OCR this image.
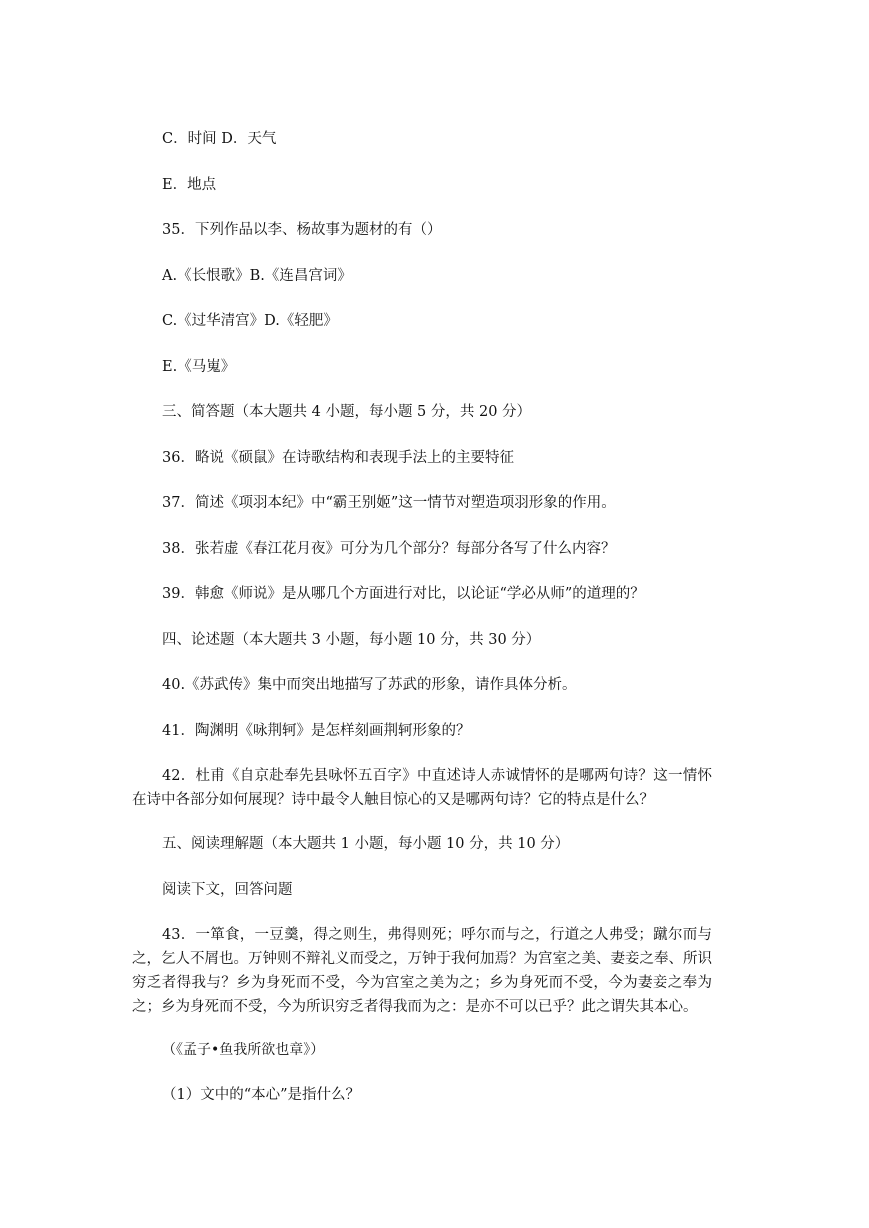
C．时间 D．天气
E．地点
35．下列作品以李、杨故事为题材的有（）
A.《长恨歌》B.《连昌宫词》
C.《过华清宫》D.《轻肥》
E.《马嵬》
三、简答题（本大题共 4 小题，每小题 5 分，共 20 分）
36．略说《硕鼠》在诗歌结构和表现手法上的主要特征
37．简述《项羽本纪》中“霸王别姬”这一情节对塑造项羽形象的作用。
38．张若虚《春江花月夜》可分为几个部分？每部分各写了什么内容？
39．韩愈《师说》是从哪几个方面进行对比，以论证“学必从师”的道理的？
四、论述题（本大题共 3 小题，每小题 10 分，共 30 分）
40.《苏武传》集中而突出地描写了苏武的形象，请作具体分析。
41．陶渊明《咏荆轲》是怎样刻画荆轲形象的？
42．杜甫《自京赴奉先县咏怀五百字》中直述诗人赤诚情怀的是哪两句诗？这一情怀在诗中各部分如何展现？诗中最令人触目惊心的又是哪两句诗？它的特点是什么？
五、阅读理解题（本大题共 1 小题，每小题 10 分，共 10 分）
阅读下文，回答问题
43．一箪食，一豆羹，得之则生，弗得则死；呼尔而与之，行道之人弗受；蹴尔而与之，乞人不屑也。万钟则不辩礼义而受之，万钟于我何加焉？为宫室之美、妻妾之奉、所识穷乏者得我与？乡为身死而不受，今为宫室之美为之；乡为身死而不受，今为妻妾之奉为之；乡为身死而不受，今为所识穷乏者得我而为之：是亦不可以已乎？此之谓失其本心。
（《孟子•鱼我所欲也章》）
（1）文中的“本心”是指什么？
